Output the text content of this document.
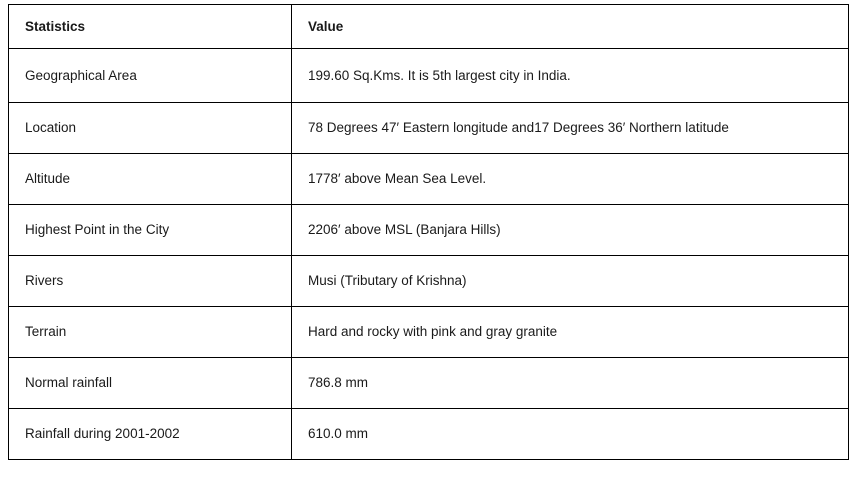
Statistics	Value
Geographical Area	199.60 Sq.Kms. It is 5th largest city in India.
Location	78 Degrees 47′ Eastern longitude and17 Degrees 36′ Northern latitude
Altitude	1778′ above Mean Sea Level.
Highest Point in the City	2206′ above MSL (Banjara Hills)
Rivers	Musi (Tributary of Krishna)
Terrain	Hard and rocky with pink and gray granite
Normal rainfall	786.8 mm
Rainfall during 2001-2002	610.0 mm
